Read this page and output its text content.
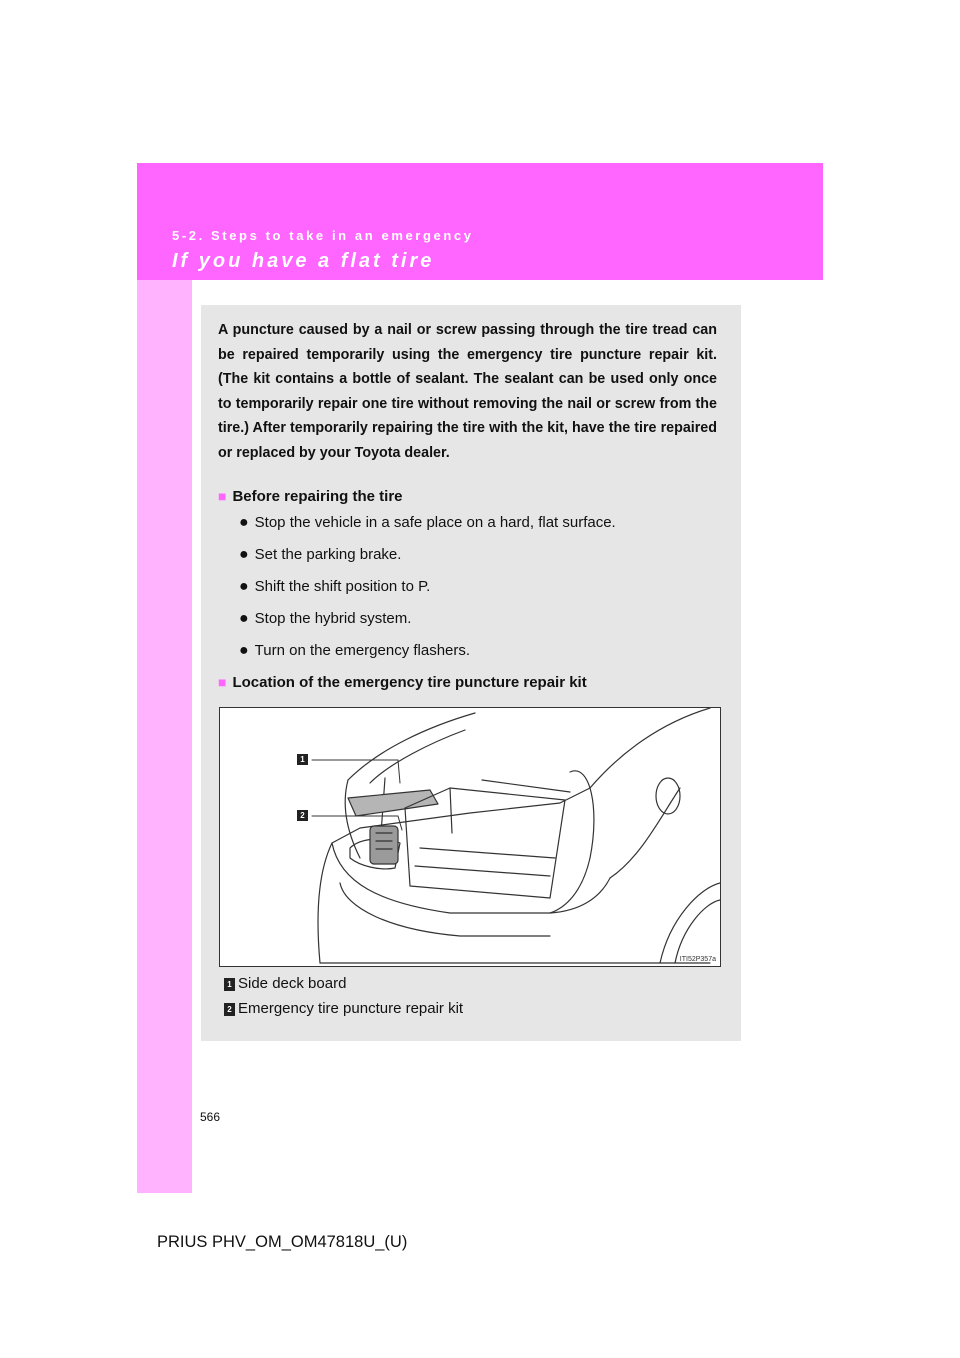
5-2. Steps to take in an emergency
If you have a flat tire
A puncture caused by a nail or screw passing through the tire tread can be repaired temporarily using the emergency tire puncture repair kit. (The kit contains a bottle of sealant. The sealant can be used only once to temporarily repair one tire without removing the nail or screw from the tire.) After temporarily repairing the tire with the kit, have the tire repaired or replaced by your Toyota dealer.
■ Before repairing the tire
● Stop the vehicle in a safe place on a hard, flat surface.
● Set the parking brake.
● Shift the shift position to P.
● Stop the hybrid system.
● Turn on the emergency flashers.
■ Location of the emergency tire puncture repair kit
1
2
ITI52P357a
1 Side deck board
2 Emergency tire puncture repair kit
566
PRIUS PHV_OM_OM47818U_(U)
